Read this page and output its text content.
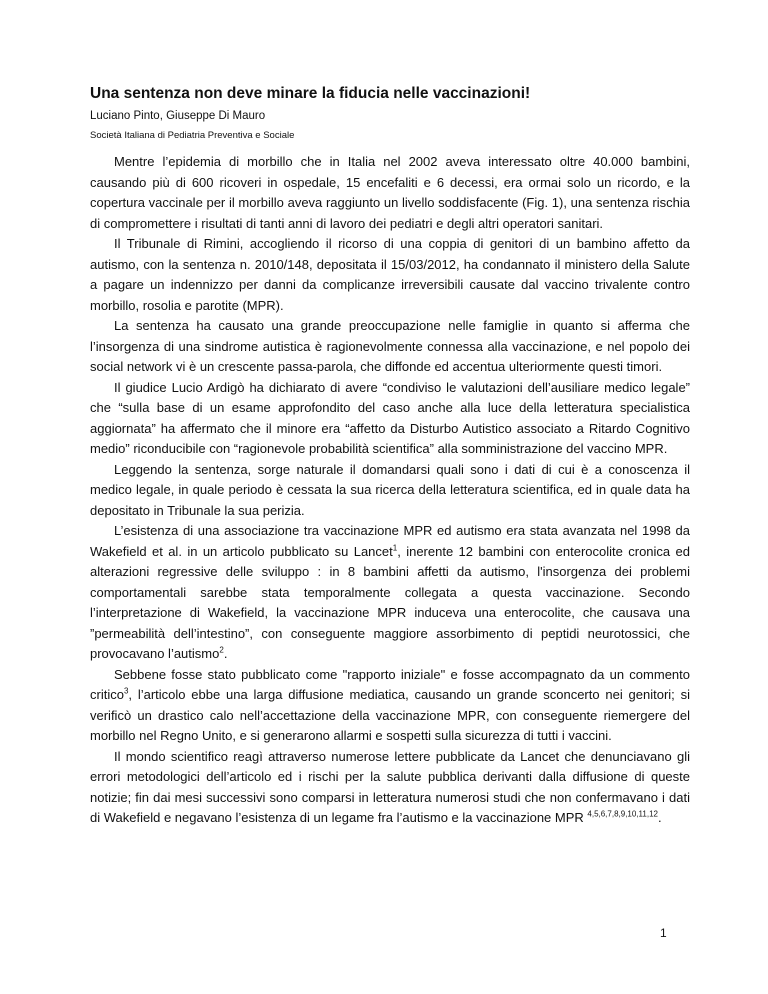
Una sentenza non deve minare la fiducia nelle vaccinazioni!
Luciano Pinto, Giuseppe Di Mauro
Società Italiana di Pediatria Preventiva e Sociale

Mentre l’epidemia di morbillo che in Italia nel 2002 aveva interessato oltre 40.000 bambini, causando più di 600 ricoveri in ospedale, 15 encefaliti e 6 decessi, era ormai solo un ricordo, e la copertura vaccinale per il morbillo aveva raggiunto un livello soddisfacente (Fig. 1), una sentenza rischia di compromettere i risultati di tanti anni di lavoro dei pediatri e degli altri operatori sanitari.

Il Tribunale di Rimini, accogliendo il ricorso di una coppia di genitori di un bambino affetto da autismo, con la sentenza n. 2010/148, depositata il 15/03/2012, ha condannato il ministero della Salute a pagare un indennizzo per danni da complicanze irreversibili causate dal vaccino trivalente contro morbillo, rosolia e parotite (MPR).

La sentenza ha causato una grande preoccupazione nelle famiglie in quanto si afferma che l’insorgenza di una sindrome autistica è ragionevolmente connessa alla vaccinazione, e nel popolo dei social network vi è un crescente passa-parola, che diffonde ed accentua ulteriormente questi timori.

Il giudice Lucio Ardigò ha dichiarato di avere “condiviso le valutazioni dell’ausiliare medico legale” che “sulla base di un esame approfondito del caso anche alla luce della letteratura specialistica aggiornata” ha affermato che il minore era “affetto da Disturbo Autistico associato a Ritardo Cognitivo medio” riconducibile con “ragionevole probabilità scientifica” alla somministrazione del vaccino MPR.

Leggendo la sentenza, sorge naturale il domandarsi quali sono i dati di cui è a conoscenza il medico legale, in quale periodo è cessata la sua ricerca della letteratura scientifica, ed in quale data ha depositato in Tribunale la sua perizia.

L’esistenza di una associazione tra vaccinazione MPR ed autismo era stata avanzata nel 1998 da Wakefield et al. in un articolo pubblicato su Lancet$^1$, inerente 12 bambini con enterocolite cronica ed alterazioni regressive delle sviluppo : in 8 bambini affetti da autismo, l'insorgenza dei problemi comportamentali sarebbe stata temporalmente collegata a questa vaccinazione. Secondo l’interpretazione di Wakefield, la vaccinazione MPR induceva una enterocolite, che causava una ”permeabilità dell’intestino”, con conseguente maggiore assorbimento di peptidi neurotossici, che provocavano l’autismo$^2$.

Sebbene fosse stato pubblicato come "rapporto iniziale" e fosse accompagnato da un commento critico$^3$, l’articolo ebbe una larga diffusione mediatica, causando un grande sconcerto nei genitori; si verificò un drastico calo nell’accettazione della vaccinazione MPR, con conseguente riemergere del morbillo nel Regno Unito, e si generarono allarmi e sospetti sulla sicurezza di tutti i vaccini.

Il mondo scientifico reagì attraverso numerose lettere pubblicate da Lancet che denunciavano gli errori metodologici dell’articolo ed i rischi per la salute pubblica derivanti dalla diffusione di queste notizie; fin dai mesi successivi sono comparsi in letteratura numerosi studi che non confermavano i dati di Wakefield e negavano l’esistenza di un legame fra l’autismo e la vaccinazione MPR $^{4,5,6,7,8,9,10,11,12}$.

1
